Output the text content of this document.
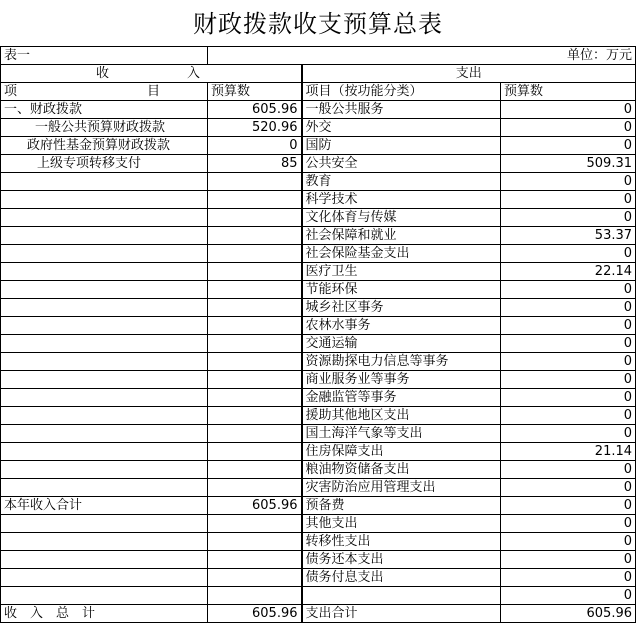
财政拨款收支预算总表
表一	单位：万元		
收　　　　　　入		支出	
项　　　　　　　　　　目	预算数	项目（按功能分类）	预算数
一、财政拨款	605.96	一般公共服务	0
一般公共预算财政拨款	520.96	外交	0
政府性基金预算财政拨款	0	国防	0
上级专项转移支付	85	公共安全	509.31
		教育	0
		科学技术	0
		文化体育与传媒	0
		社会保障和就业	53.37
		社会保险基金支出	0
		医疗卫生	22.14
		节能环保	0
		城乡社区事务	0
		农林水事务	0
		交通运输	0
		资源勘探电力信息等事务	0
		商业服务业等事务	0
		金融监管等事务	0
		援助其他地区支出	0
		国土海洋气象等支出	0
		住房保障支出	21.14
		粮油物资储备支出	0
		灾害防治应用管理支出	0
本年收入合计	605.96	预备费	0
		其他支出	0
		转移性支出	0
		债务还本支出	0
		债务付息支出	0
			0
收　入　总　计	605.96	支出合计	605.96
